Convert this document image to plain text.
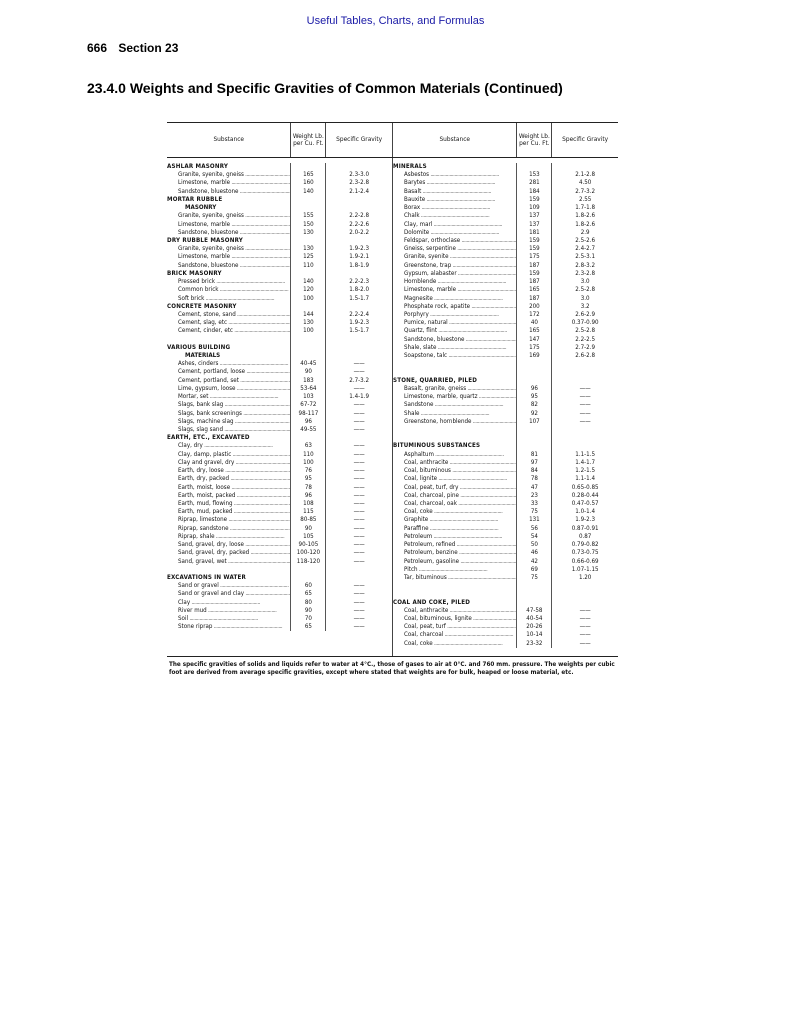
Useful Tables, Charts, and Formulas
666 Section 23
23.4.0 Weights and Specific Gravities of Common Materials (Continued)
Substance	Weight Lb. per Cu. Ft.	Specific Gravity	Substance	Weight Lb. per Cu. Ft.	Specific Gravity
ASHLAR MASONRY
Granite, syenite, gneiss .....	165	2.3-3.0
Limestone, marble .....	160	2.3-2.8
Sandstone, bluestone .....	140	2.1-2.4
MORTAR RUBBLE
MASONRY
Granite, syenite, gneiss .....	155	2.2-2.8
Limestone, marble .....	150	2.2-2.6
Sandstone, bluestone .....	130	2.0-2.2
DRY RUBBLE MASONRY
Granite, syenite, gneiss .....	130	1.9-2.3
Limestone, marble .....	125	1.9-2.1
Sandstone, bluestone .....	110	1.8-1.9
BRICK MASONRY
Pressed brick .....	140	2.2-2.3
Common brick .....	120	1.8-2.0
Soft brick .....	100	1.5-1.7
CONCRETE MASONRY
Cement, stone, sand .....	144	2.2-2.4
Cement, slag, etc .....	130	1.9-2.3
Cement, cinder, etc .....	100	1.5-1.7
VARIOUS BUILDING
MATERIALS
Ashes, cinders .....	40-45	——
Cement, portland, loose .....	90	——
Cement, portland, set .....	183	2.7-3.2
Lime, gypsum, loose .....	53-64	——
Mortar, set .....	103	1.4-1.9
Slags, bank slag .....	67-72	——
Slags, bank screenings .....	98-117	——
Slags, machine slag .....	96	——
Slags, slag sand .....	49-55	——
EARTH, ETC., EXCAVATED
Clay, dry .....	63	——
Clay, damp, plastic .....	110	——
Clay and gravel, dry .....	100	——
Earth, dry, loose .....	76	——
Earth, dry, packed .....	95	——
Earth, moist, loose .....	78	——
Earth, moist, packed .....	96	——
Earth, mud, flowing .....	108	——
Earth, mud, packed .....	115	——
Riprap, limestone .....	80-85	——
Riprap, sandstone .....	90	——
Riprap, shale .....	105	——
Sand, gravel, dry, loose .....	90-105	——
Sand, gravel, dry, packed .....	100-120	——
Sand, gravel, wet .....	118-120	——
EXCAVATIONS IN WATER
Sand or gravel .....	60	——
Sand or gravel and clay .....	65	——
Clay .....	80	——
River mud .....	90	——
Soil .....	70	——
Stone riprap .....	65	——
MINERALS
Asbestos .....	153	2.1-2.8
Barytes .....	281	4.50
Basalt .....	184	2.7-3.2
Bauxite .....	159	2.55
Borax .....	109	1.7-1.8
Chalk .....	137	1.8-2.6
Clay, marl .....	137	1.8-2.6
Dolomite .....	181	2.9
Feldspar, orthoclase .....	159	2.5-2.6
Gneiss, serpentine .....	159	2.4-2.7
Granite, syenite .....	175	2.5-3.1
Greenstone, trap .....	187	2.8-3.2
Gypsum, alabaster .....	159	2.3-2.8
Hornblende .....	187	3.0
Limestone, marble .....	165	2.5-2.8
Magnesite .....	187	3.0
Phosphate rock, apatite .....	200	3.2
Porphyry .....	172	2.6-2.9
Pumice, natural .....	40	0.37-0.90
Quartz, flint .....	165	2.5-2.8
Sandstone, bluestone .....	147	2.2-2.5
Shale, slate .....	175	2.7-2.9
Soapstone, talc .....	169	2.6-2.8
STONE, QUARRIED, PILED
Basalt, granite, gneiss .....	96	——
Limestone, marble, quartz .....	95	——
Sandstone .....	82	——
Shale .....	92	——
Greenstone, hornblende .....	107	——
BITUMINOUS SUBSTANCES
Asphaltum .....	81	1.1-1.5
Coal, anthracite .....	97	1.4-1.7
Coal, bituminous .....	84	1.2-1.5
Coal, lignite .....	78	1.1-1.4
Coal, peat, turf, dry .....	47	0.65-0.85
Coal, charcoal, pine .....	23	0.28-0.44
Coal, charcoal, oak .....	33	0.47-0.57
Coal, coke .....	75	1.0-1.4
Graphite .....	131	1.9-2.3
Paraffine .....	56	0.87-0.91
Petroleum .....	54	0.87
Petroleum, refined .....	50	0.79-0.82
Petroleum, benzine .....	46	0.73-0.75
Petroleum, gasoline .....	42	0.66-0.69
Pitch .....	69	1.07-1.15
Tar, bituminous .....	75	1.20
COAL AND COKE, PILED
Coal, anthracite .....	47-58	——
Coal, bituminous, lignite .....	40-54	——
Coal, peat, turf .....	20-26	——
Coal, charcoal .....	10-14	——
Coal, coke .....	23-32	——
The specific gravities of solids and liquids refer to water at 4°C., those of gases to air at 0°C. and 760 mm. pressure. The weights per cubic foot are derived from average specific gravities, except where stated that weights are for bulk, heaped or loose material, etc.
